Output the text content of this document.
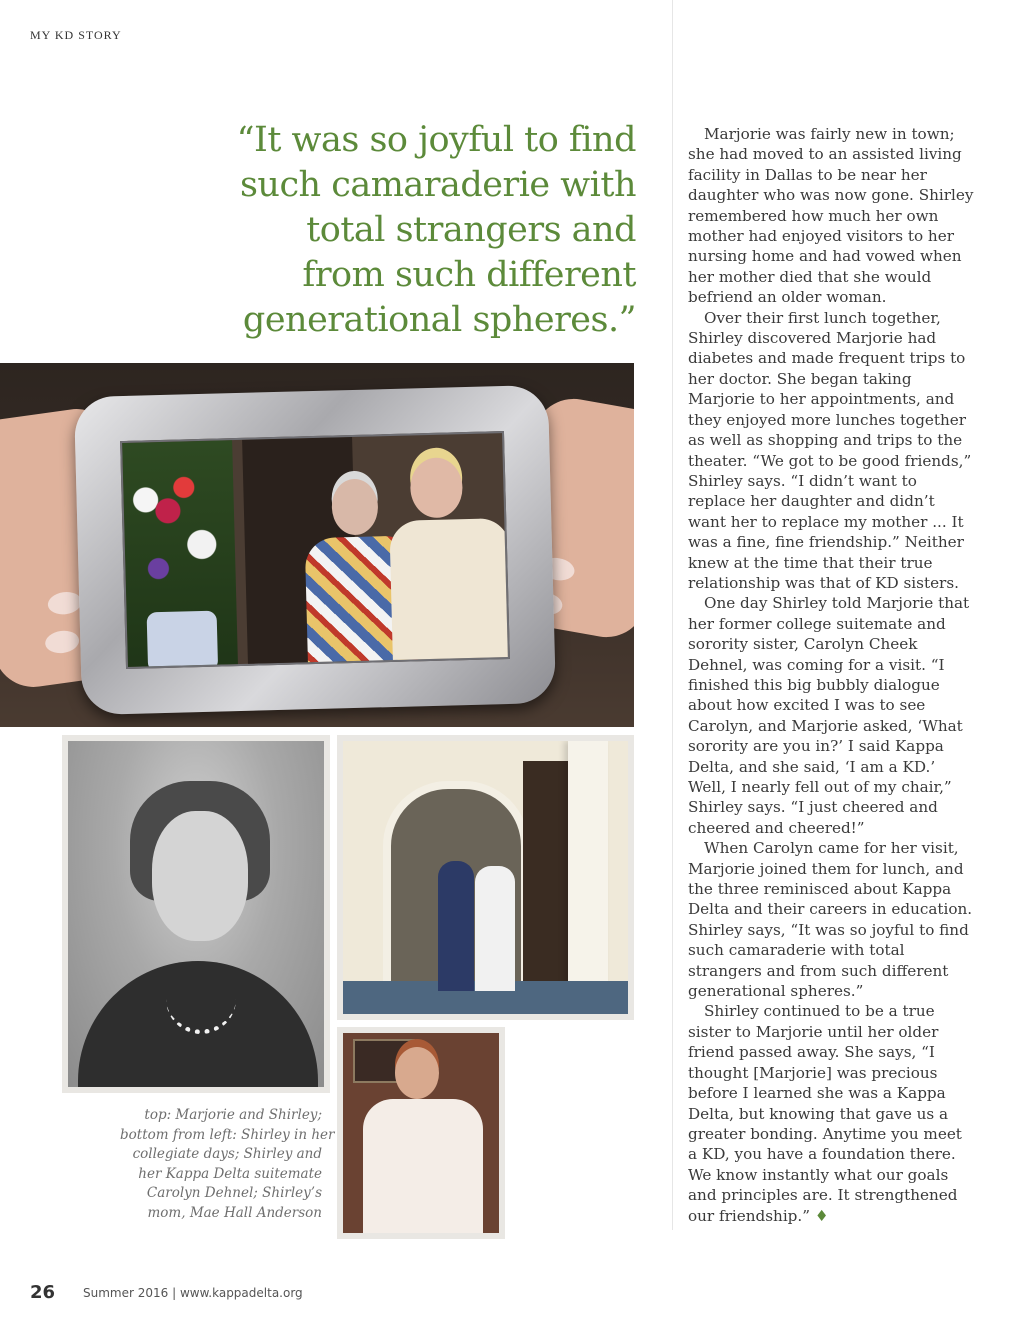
MY KD STORY
“It was so joyful to find
such camaraderie with
total strangers and
from such different
generational spheres.”
top: Marjorie and Shirley;
bottom from left: Shirley in her
collegiate days; Shirley and
her Kappa Delta suitemate
Carolyn Dehnel; Shirley’s
mom, Mae Hall Anderson
Marjorie was fairly new in town;
she had moved to an assisted living
facility in Dallas to be near her
daughter who was now gone. Shirley
remembered how much her own
mother had enjoyed visitors to her
nursing home and had vowed when
her mother died that she would
befriend an older woman.
Over their first lunch together,
Shirley discovered Marjorie had
diabetes and made frequent trips to
her doctor. She began taking
Marjorie to her appointments, and
they enjoyed more lunches together
as well as shopping and trips to the
theater. “We got to be good friends,”
Shirley says. “I didn’t want to
replace her daughter and didn’t
want her to replace my mother ... It
was a fine, fine friendship.” Neither
knew at the time that their true
relationship was that of KD sisters.
One day Shirley told Marjorie that
her former college suitemate and
sorority sister, Carolyn Cheek
Dehnel, was coming for a visit. “I
finished this big bubbly dialogue
about how excited I was to see
Carolyn, and Marjorie asked, ‘What
sorority are you in?’ I said Kappa
Delta, and she said, ‘I am a KD.’
Well, I nearly fell out of my chair,”
Shirley says. “I just cheered and
cheered and cheered!”
When Carolyn came for her visit,
Marjorie joined them for lunch, and
the three reminisced about Kappa
Delta and their careers in education.
Shirley says, “It was so joyful to find
such camaraderie with total
strangers and from such different
generational spheres.”
Shirley continued to be a true
sister to Marjorie until her older
friend passed away. She says, “I
thought [Marjorie] was precious
before I learned she was a Kappa
Delta, but knowing that gave us a
greater bonding. Anytime you meet
a KD, you have a foundation there.
We know instantly what our goals
and principles are. It strengthened
our friendship.” ♦
26 Summer 2016 | www.kappadelta.org
